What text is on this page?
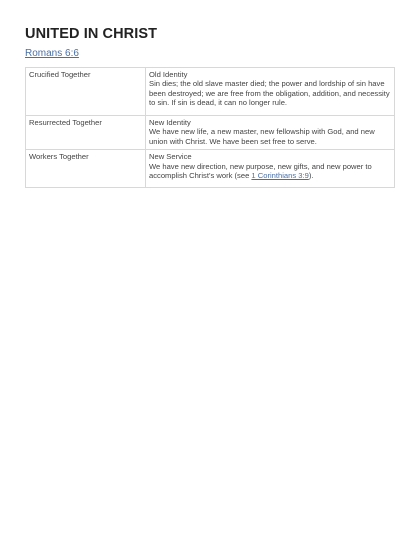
UNITED IN CHRIST
Romans 6:6
Crucified Together	Old Identity
Sin dies; the old slave master died; the power and lordship of sin have been destroyed; we are free from the obligation, addition, and necessity to sin. If sin is dead, it can no longer rule.

Resurrected Together	New Identity
We have new life, a new master, new fellowship with God, and new union with Christ. We have been set free to serve.

Workers Together	New Service
We have new direction, new purpose, new gifts, and new power to accomplish Christ’s work (see 1 Corinthians 3:9).
